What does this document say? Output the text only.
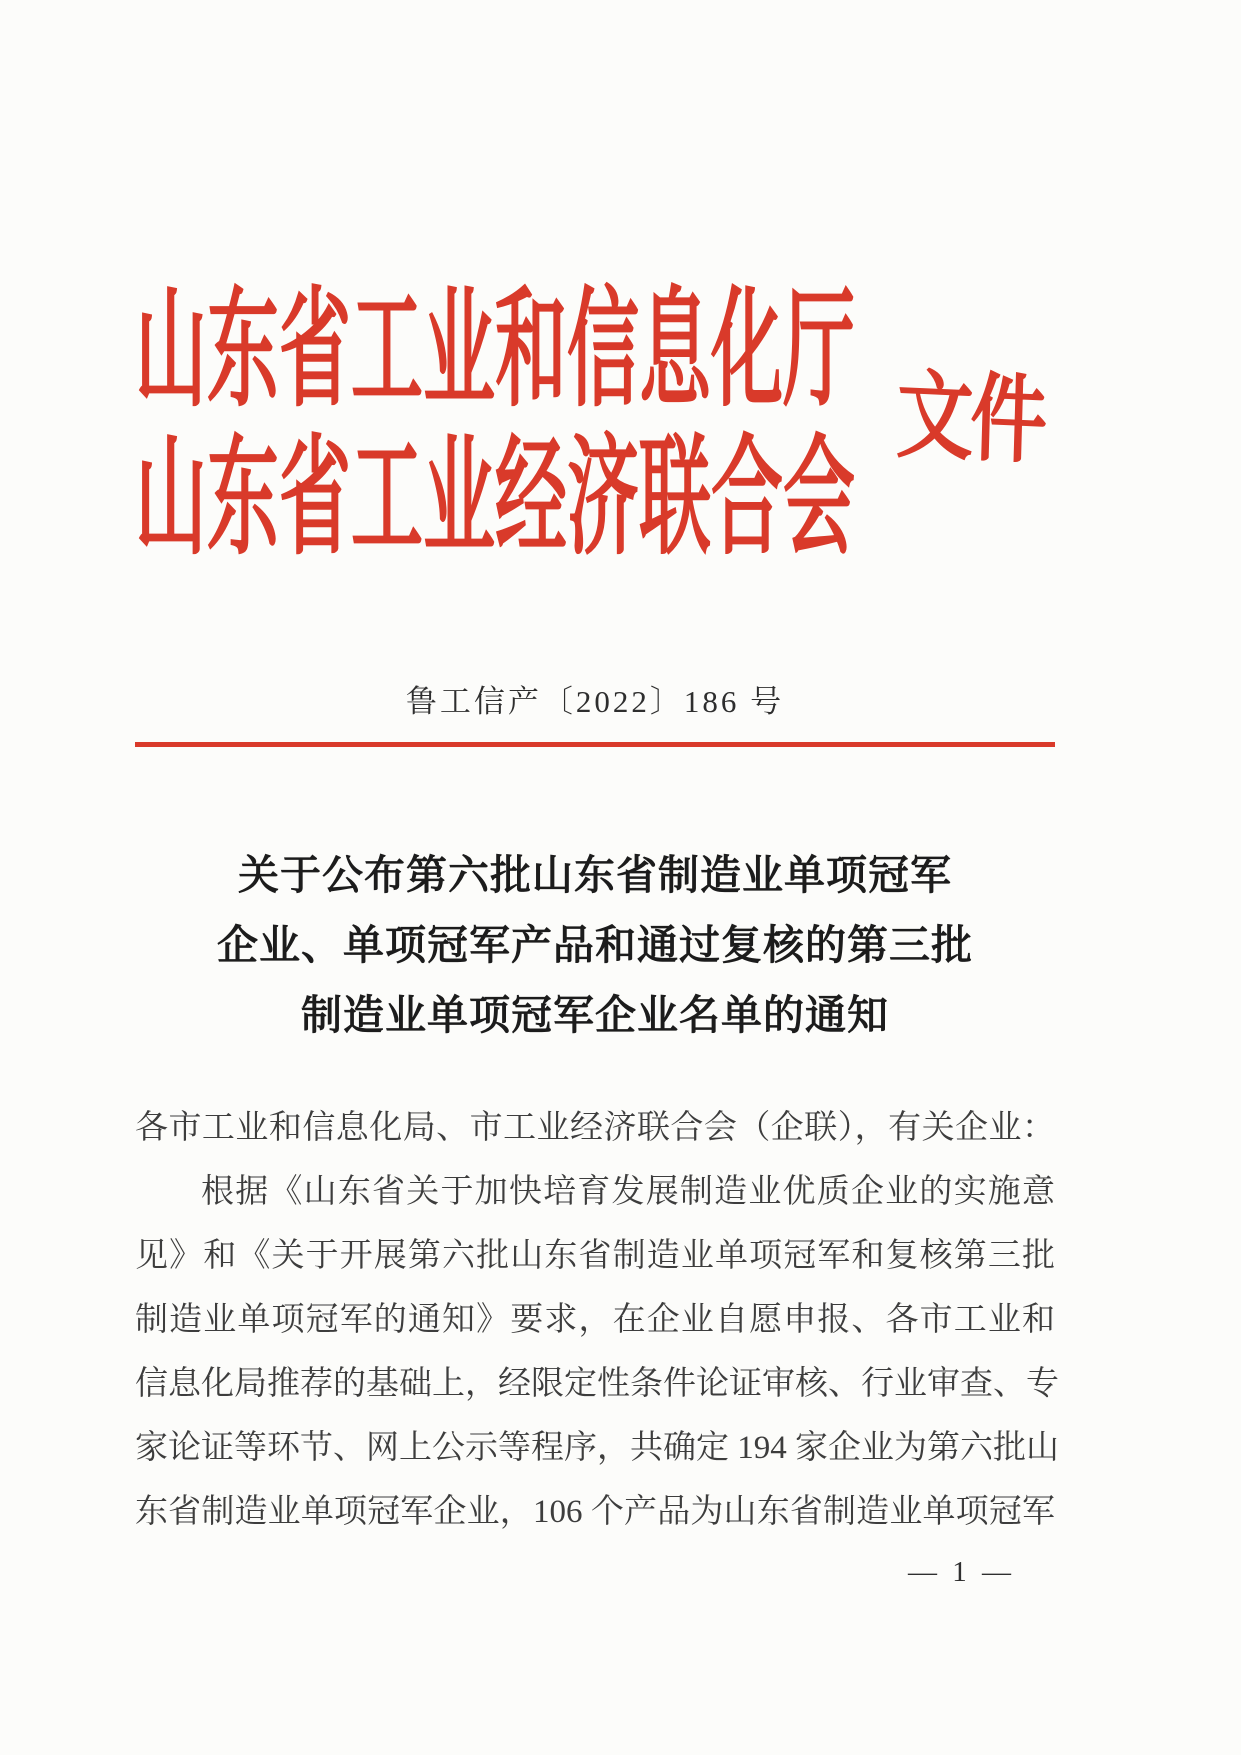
山东省工业和信息化厅
山东省工业经济联合会
文件
鲁工信产〔2022〕186 号
关于公布第六批山东省制造业单项冠军
企业、单项冠军产品和通过复核的第三批
制造业单项冠军企业名单的通知
各市工业和信息化局、市工业经济联合会（企联），有关企业：
根据《山东省关于加快培育发展制造业优质企业的实施意
见》和《关于开展第六批山东省制造业单项冠军和复核第三批
制造业单项冠军的通知》要求，在企业自愿申报、各市工业和
信息化局推荐的基础上，经限定性条件论证审核、行业审查、专
家论证等环节、网上公示等程序，共确定 194 家企业为第六批山
东省制造业单项冠军企业，106 个产品为山东省制造业单项冠军
— 1 —
